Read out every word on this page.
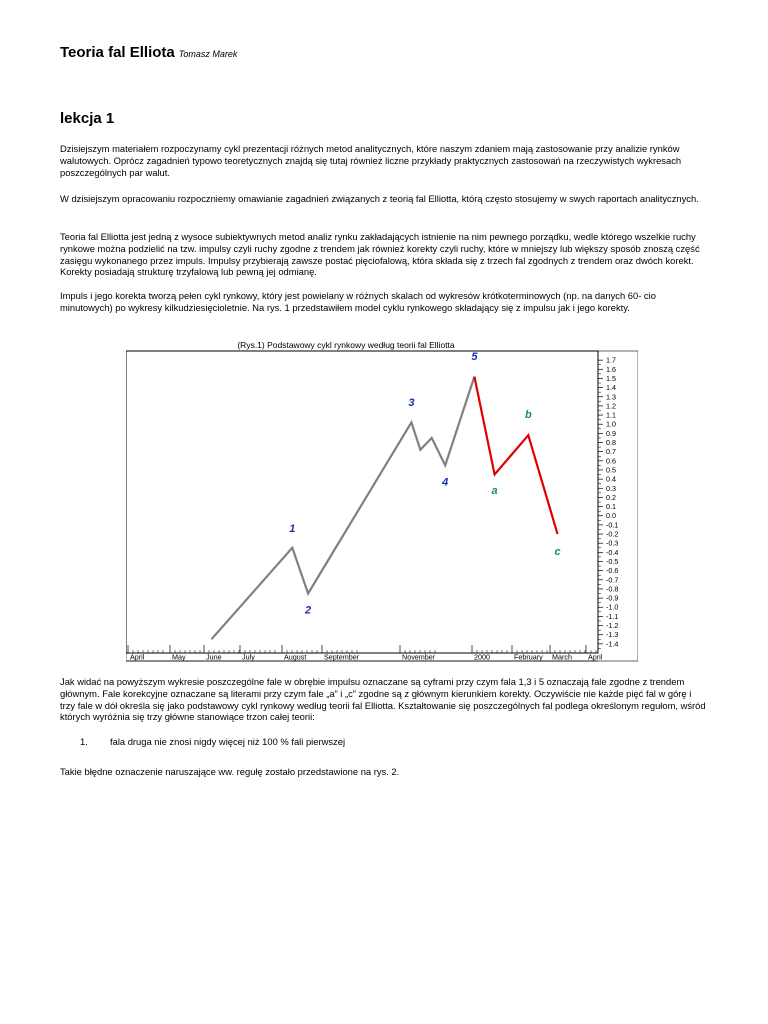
Teoria fal Elliota Tomasz Marek
lekcja 1
Dzisiejszym materiałem rozpoczynamy cykl prezentacji różnych metod analitycznych, które naszym zdaniem mają zastosowanie przy analizie rynków walutowych. Oprócz zagadnień typowo teoretycznych znajdą się tutaj również liczne przykłady praktycznych zastosowań na rzeczywistych wykresach poszczególnych par walut.
W dzisiejszym opracowaniu rozpoczniemy omawianie zagadnień związanych z teorią fal Elliotta, którą często stosujemy w swych raportach analitycznych.
Teoria fal Elliotta jest jedną z wysoce subiektywnych metod analiz rynku zakładających istnienie na nim pewnego porządku, wedle którego wszelkie ruchy rynkowe można podzielić na tzw. impulsy czyli ruchy zgodne z trendem jak również korekty czyli ruchy, które w mniejszy lub większy sposób znoszą część zasięgu wykonanego przez impuls. Impulsy przybierają zawsze postać pięciofalową, która składa się z trzech fal zgodnych z trendem oraz dwóch korekt. Korekty posiadają strukturę trzyfalową lub pewną jej odmianę.
Impuls i jego korekta tworzą pełen cykl rynkowy, który jest powielany w różnych skalach od wykresów krótkoterminowych (np. na danych 60- cio minutowych) po wykresy kilkudziesięcioletnie. Na rys. 1 przedstawiłem model cyklu rynkowego składający się z impulsu jak i jego korekty.
(Rys.1) Podstawowy cykl rynkowy według teorii fal Elliotta
1.7
1.6
1.5
1.4
1.3
1.2
1.1
1.0
0.9
0.8
0.7
0.6
0.5
0.4
0.3
0.2
0.1
0.0
-0.1
-0.2
-0.3
-0.4
-0.5
-0.6
-0.7
-0.8
-0.9
-1.0
-1.1
-1.2
-1.3
-1.4
April	May	June	July	August September	November	2000	February March April
1
2
3
4
5
a
b
c
Jak widać na powyższym wykresie poszczególne fale w obrębie impulsu oznaczane są cyframi przy czym fala 1,3 i 5 oznaczają fale zgodne z trendem głównym. Fale korekcyjne oznaczane są literami przy czym fale „a” i „c” zgodne są z głównym kierunkiem korekty. Oczywiście nie każde pięć fal w górę i trzy fale w dół określa się jako podstawowy cykl rynkowy według teorii fal Elliotta. Kształtowanie się poszczególnych fal podlega określonym regułom, wśród których wyróżnia się trzy główne stanowiące trzon całej teorii:
1. fala druga nie znosi nigdy więcej niż 100 % fali pierwszej
Takie błędne oznaczenie naruszające ww. regułę zostało przedstawione na rys. 2.
